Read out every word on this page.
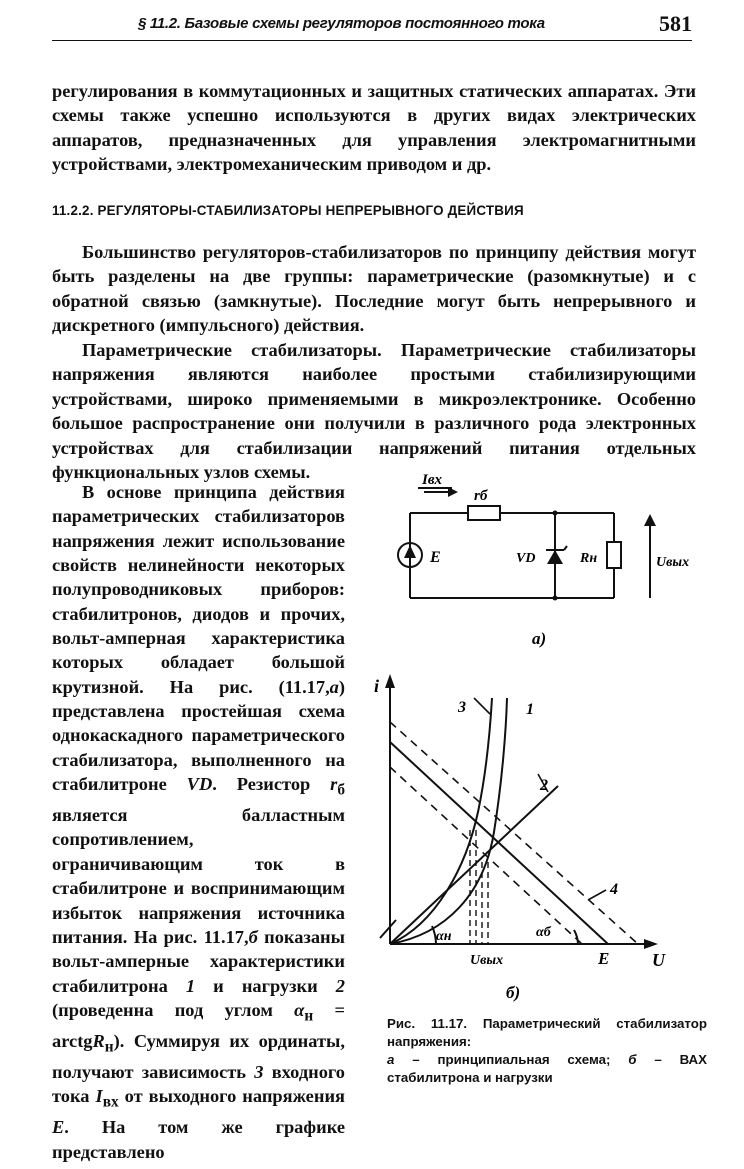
§ 11.2. Базовые схемы регуляторов постоянного тока	581

регулирования в коммутационных и защитных статических аппаратах. Эти схемы также успешно используются в других видах электрических аппаратов, предназначенных для управления электромагнитными устройствами, электромеханическим приводом и др.

11.2.2. РЕГУЛЯТОРЫ-СТАБИЛИЗАТОРЫ НЕПРЕРЫВНОГО ДЕЙСТВИЯ

Большинство регуляторов-стабилизаторов по принципу действия могут быть разделены на две группы: параметрические (разомкнутые) и с обратной связью (замкнутые). Последние могут быть непрерывного и дискретного (импульсного) действия.

Параметрические стабилизаторы. Параметрические стабилизаторы напряжения являются наиболее простыми стабилизирующими устройствами, широко применяемыми в микроэлектронике. Особенно большое распространение они получили в различного рода электронных устройствах для стабилизации напряжений питания отдельных функциональных узлов схемы.

В основе принципа действия параметрических стабилизаторов напряжения лежит использование свойств нелинейности некоторых полупроводниковых приборов: стабилитронов, диодов и прочих, вольт-амперная характеристика которых обладает большой крутизной. На рис. (11.17,а) представлена простейшая схема однокаскадного параметрического стабилизатора, выполненного на стабилитроне VD. Резистор $r_б$ является балластным сопротивлением, ограничивающим ток в стабилитроне и воспринимающим избыток напряжения источника питания. На рис. 11.17,б показаны вольт-амперные характеристики стабилитрона 1 и нагрузки 2 (проведенна под углом $\alpha_н$ = arctgR$_н$). Суммируя их ординаты, получают зависимость 3 входного тока $I_{вх}$ от выходного напряжения E. На том же графике представлено

Iвх
rб
E	VD	Rн	Uвых
а)
i
U
3	1
2
4
αн	αб
Uвых	E
б)

Рис. 11.17. Параметрический стабилизатор напряжения:
а – принципиальная схема; б – ВАХ стабилитрона и нагрузки
